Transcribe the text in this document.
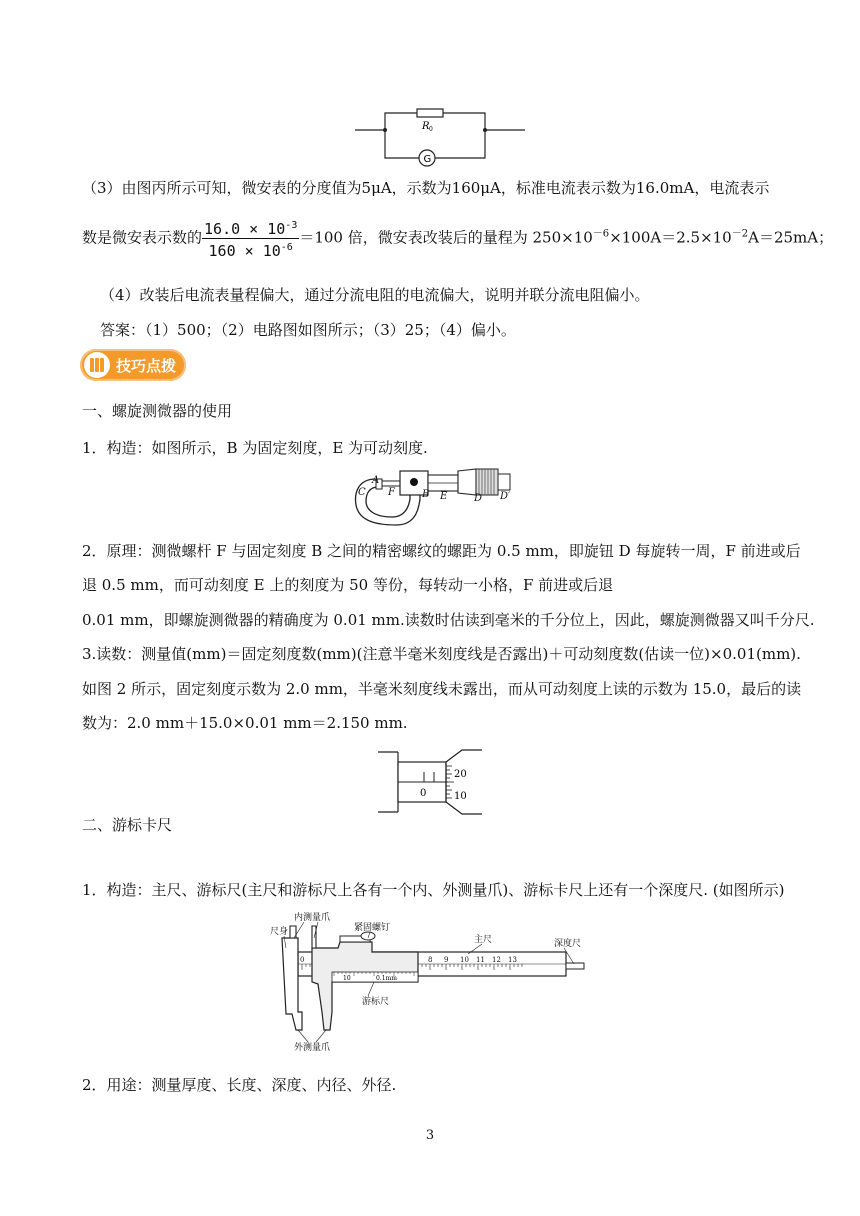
G
R 0
（3）由图丙所示可知，微安表的分度值为5μA，示数为160μA，标准电流表示数为16.0mA，电流表示
数是微安表示数的 $\frac{16.0 \times 10^{-3}}{160 \times 10^{-6}} =100$ 倍，微安表改装后的量程为 $250\times 10^{-6}\times 100A=2.5\times 10^{-2}A=25mA$；
（4）改装后电流表量程偏大，通过分流电阻的电流偏大，说明并联分流电阻偏小。
答案：（1）500；（2）电路图如图所示；（3）25；（4）偏小。
技巧点拨
一、螺旋测微器的使用
1．构造：如图所示，B 为固定刻度，E 为可动刻度.
A
C F	B E	D D′
2．原理：测微螺杆 F 与固定刻度 B 之间的精密螺纹的螺距为 0.5 mm，即旋钮 D 每旋转一周，F 前进或后
退 0.5 mm，而可动刻度 E 上的刻度为 50 等份，每转动一小格，F 前进或后退
0.01 mm，即螺旋测微器的精确度为 0.01 mm.读数时估读到毫米的千分位上，因此，螺旋测微器又叫千分尺.
3.读数：测量值(mm)＝固定刻度数(mm)(注意半毫米刻度线是否露出)＋可动刻度数(估读一位)×0.01(mm).
如图 2 所示，固定刻度示数为 2.0 mm，半毫米刻度线未露出，而从可动刻度上读的示数为 15.0，最后的读
数为：2.0 mm＋15.0×0.01 mm＝2.150 mm.
0
20
10
二、游标卡尺
1．构造：主尺、游标尺(主尺和游标尺上各有一个内、外测量爪)、游标卡尺上还有一个深度尺. (如图所示)
0	8 9 10 11 12 13
10	0.1mm
内测量爪
紧固螺钉
尺身
主尺	深度尺
游标尺
外测量爪
2．用途：测量厚度、长度、深度、内径、外径.
3
